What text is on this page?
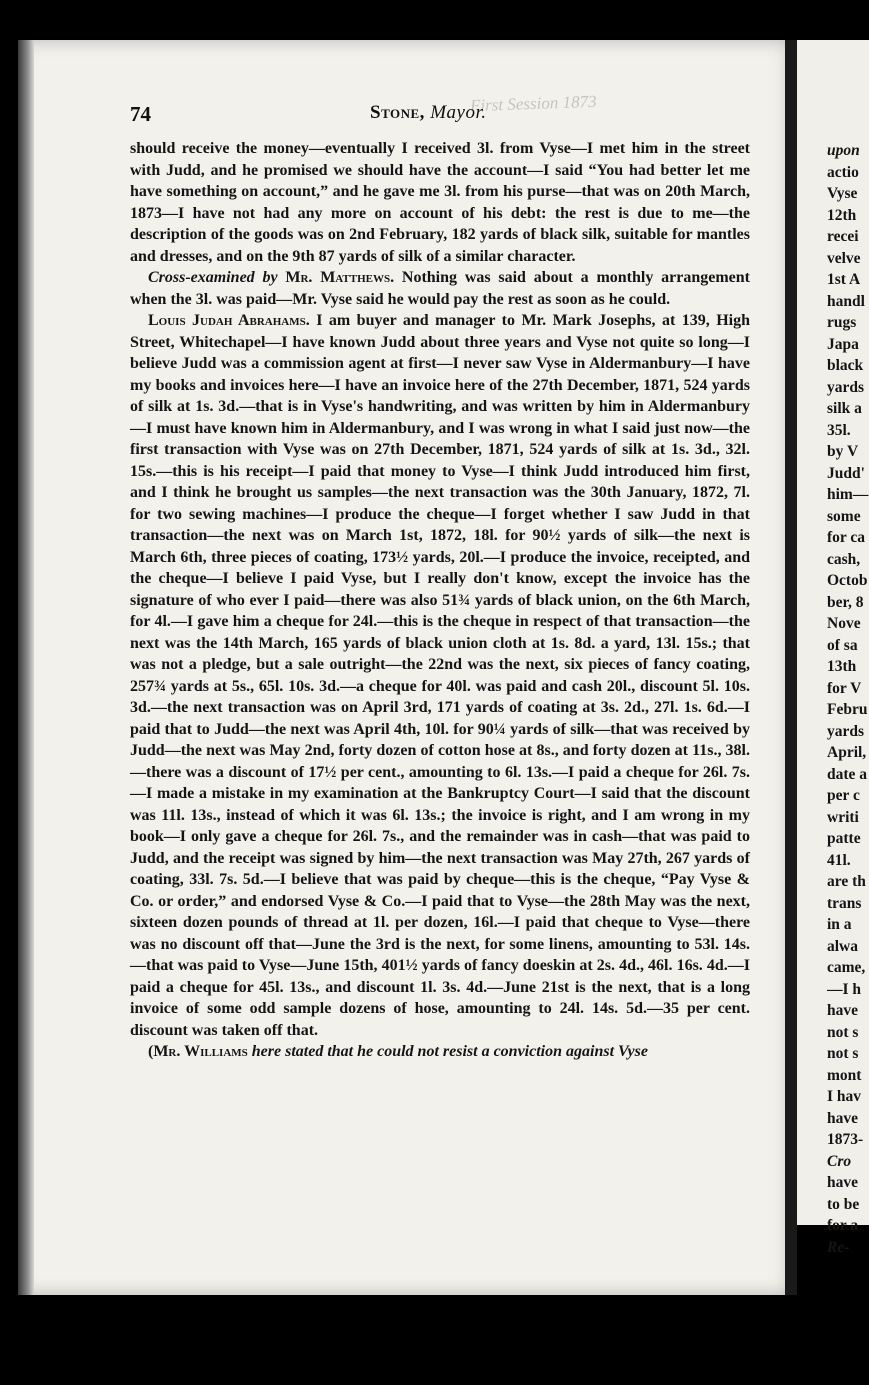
74	First Session 1873
Stone, Mayor.

should receive the money—eventually I received 3l. from Vyse—I met him in the street with Judd, and he promised we should have the account—I said “You had better let me have something on account,” and he gave me 3l. from his purse—that was on 20th March, 1873—I have not had any more on account of his debt: the rest is due to me—the description of the goods was on 2nd February, 182 yards of black silk, suitable for mantles and dresses, and on the 9th 87 yards of silk of a similar character.

Cross-examined by Mr. Matthews. Nothing was said about a monthly arrangement when the 3l. was paid—Mr. Vyse said he would pay the rest as soon as he could.

Louis Judah Abrahams. I am buyer and manager to Mr. Mark Josephs, at 139, High Street, Whitechapel—I have known Judd about three years and Vyse not quite so long—I believe Judd was a commission agent at first—I never saw Vyse in Aldermanbury—I have my books and invoices here—I have an invoice here of the 27th December, 1871, 524 yards of silk at 1s. 3d.—that is in Vyse's handwriting, and was written by him in Aldermanbury—I must have known him in Aldermanbury, and I was wrong in what I said just now—the first transaction with Vyse was on 27th December, 1871, 524 yards of silk at 1s. 3d., 32l. 15s.—this is his receipt—I paid that money to Vyse—I think Judd introduced him first, and I think he brought us samples—the next transaction was the 30th January, 1872, 7l. for two sewing machines—I produce the cheque—I forget whether I saw Judd in that transaction—the next was on March 1st, 1872, 18l. for 90½ yards of silk—the next is March 6th, three pieces of coating, 173½ yards, 20l.—I produce the invoice, receipted, and the cheque—I believe I paid Vyse, but I really don't know, except the invoice has the signature of who ever I paid—there was also 51¾ yards of black union, on the 6th March, for 4l.—I gave him a cheque for 24l.—this is the cheque in respect of that transaction—the next was the 14th March, 165 yards of black union cloth at 1s. 8d. a yard, 13l. 15s.; that was not a pledge, but a sale outright—the 22nd was the next, six pieces of fancy coating, 257¾ yards at 5s., 65l. 10s. 3d.—a cheque for 40l. was paid and cash 20l., discount 5l. 10s. 3d.—the next transaction was on April 3rd, 171 yards of coating at 3s. 2d., 27l. 1s. 6d.—I paid that to Judd—the next was April 4th, 10l. for 90¼ yards of silk—that was received by Judd—the next was May 2nd, forty dozen of cotton hose at 8s., and forty dozen at 11s., 38l.—there was a discount of 17½ per cent., amounting to 6l. 13s.—I paid a cheque for 26l. 7s.—I made a mistake in my examination at the Bankruptcy Court—I said that the discount was 11l. 13s., instead of which it was 6l. 13s.; the invoice is right, and I am wrong in my book—I only gave a cheque for 26l. 7s., and the remainder was in cash—that was paid to Judd, and the receipt was signed by him—the next transaction was May 27th, 267 yards of coating, 33l. 7s. 5d.—I believe that was paid by cheque—this is the cheque, “Pay Vyse & Co. or order,” and endorsed Vyse & Co.—I paid that to Vyse—the 28th May was the next, sixteen dozen pounds of thread at 1l. per dozen, 16l.—I paid that cheque to Vyse—there was no discount off that—June the 3rd is the next, for some linens, amounting to 53l. 14s.—that was paid to Vyse—June 15th, 401½ yards of fancy doeskin at 2s. 4d., 46l. 16s. 4d.—I paid a cheque for 45l. 13s., and discount 1l. 3s. 4d.—June 21st is the next, that is a long invoice of some odd sample dozens of hose, amounting to 24l. 14s. 5d.—35 per cent. discount was taken off that.

(Mr. Williams here stated that he could not resist a conviction against Vyse

upon
actio
Vyse
12th
recei
velve
1st A
handl
rugs
Japa
black
yards
silk a
35l.
by V
Judd'
him—
some
for ca
cash,
Octob
ber, 8
Nove
of sa
13th
for V
Febru
yards
April,
date a
per c
writi
patte
41l.
are th
trans
in a
alwa
came,
—I h
have
not s
not s
mont
I hav
have
1873-
Cro
have
to be
for a
Re-
